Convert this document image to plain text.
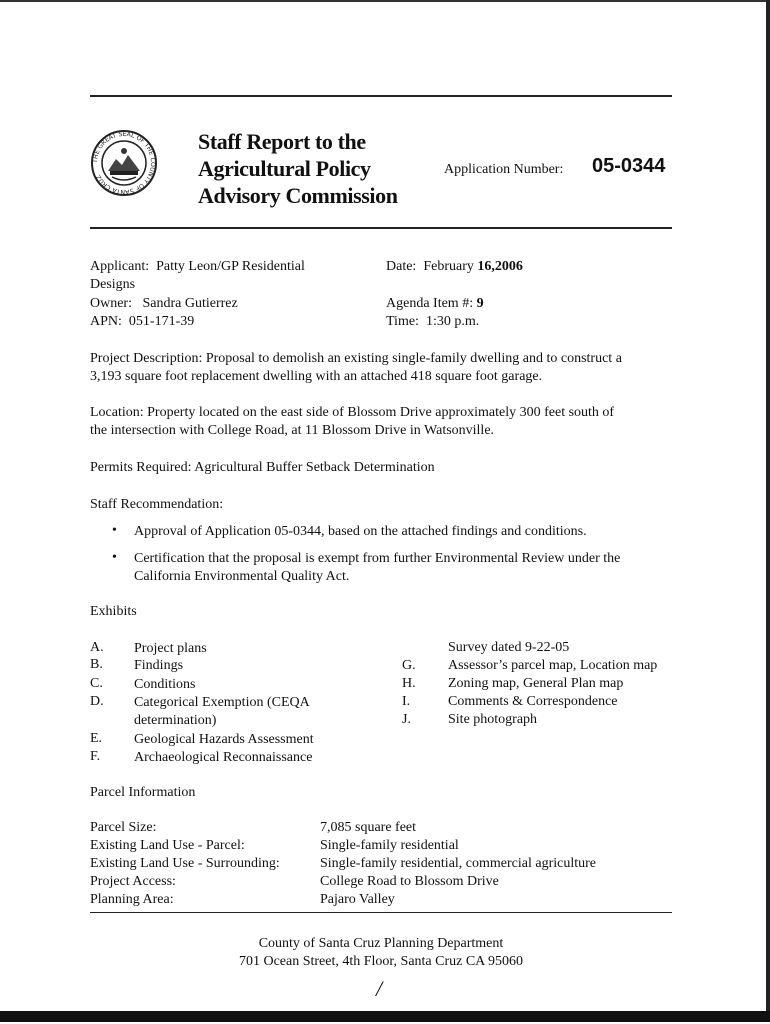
THE GREAT SEAL OF THE COUNTY OF SANTA CRUZ
Staff Report to the
Agricultural Policy
Advisory Commission
Application Number: 05-0344
Applicant: Patty Leon/GP Residential
Designs
Owner: Sandra Gutierrez
APN: 051-171-39
Date: February 16,2006
Agenda Item #: 9
Time: 1:30 p.m.
Project Description: Proposal to demolish an existing single-family dwelling and to construct a
3,193 square foot replacement dwelling with an attached 418 square foot garage.
Location: Property located on the east side of Blossom Drive approximately 300 feet south of
the intersection with College Road, at 11 Blossom Drive in Watsonville.
Permits Required: Agricultural Buffer Setback Determination
Staff Recommendation:
• Approval of Application 05-0344, based on the attached findings and conditions.
• Certification that the proposal is exempt from further Environmental Review under the
California Environmental Quality Act.
Exhibits
A. Project plans
B. Findings
C. Conditions
D. Categorical Exemption (CEQA
determination)
E. Geological Hazards Assessment
F. Archaeological Reconnaissance
Survey dated 9-22-05
G. Assessor’s parcel map, Location map
H. Zoning map, General Plan map
I.	Comments & Correspondence
J.	Site photograph
Parcel Information
Parcel Size:	7,085 square feet
Existing Land Use - Parcel:	Single-family residential
Existing Land Use - Surrounding:	Single-family residential, commercial agriculture
Project Access:	College Road to Blossom Drive
Planning Area:	Pajaro Valley
County of Santa Cruz Planning Department
701 Ocean Street, 4th Floor, Santa Cruz CA 95060
/
